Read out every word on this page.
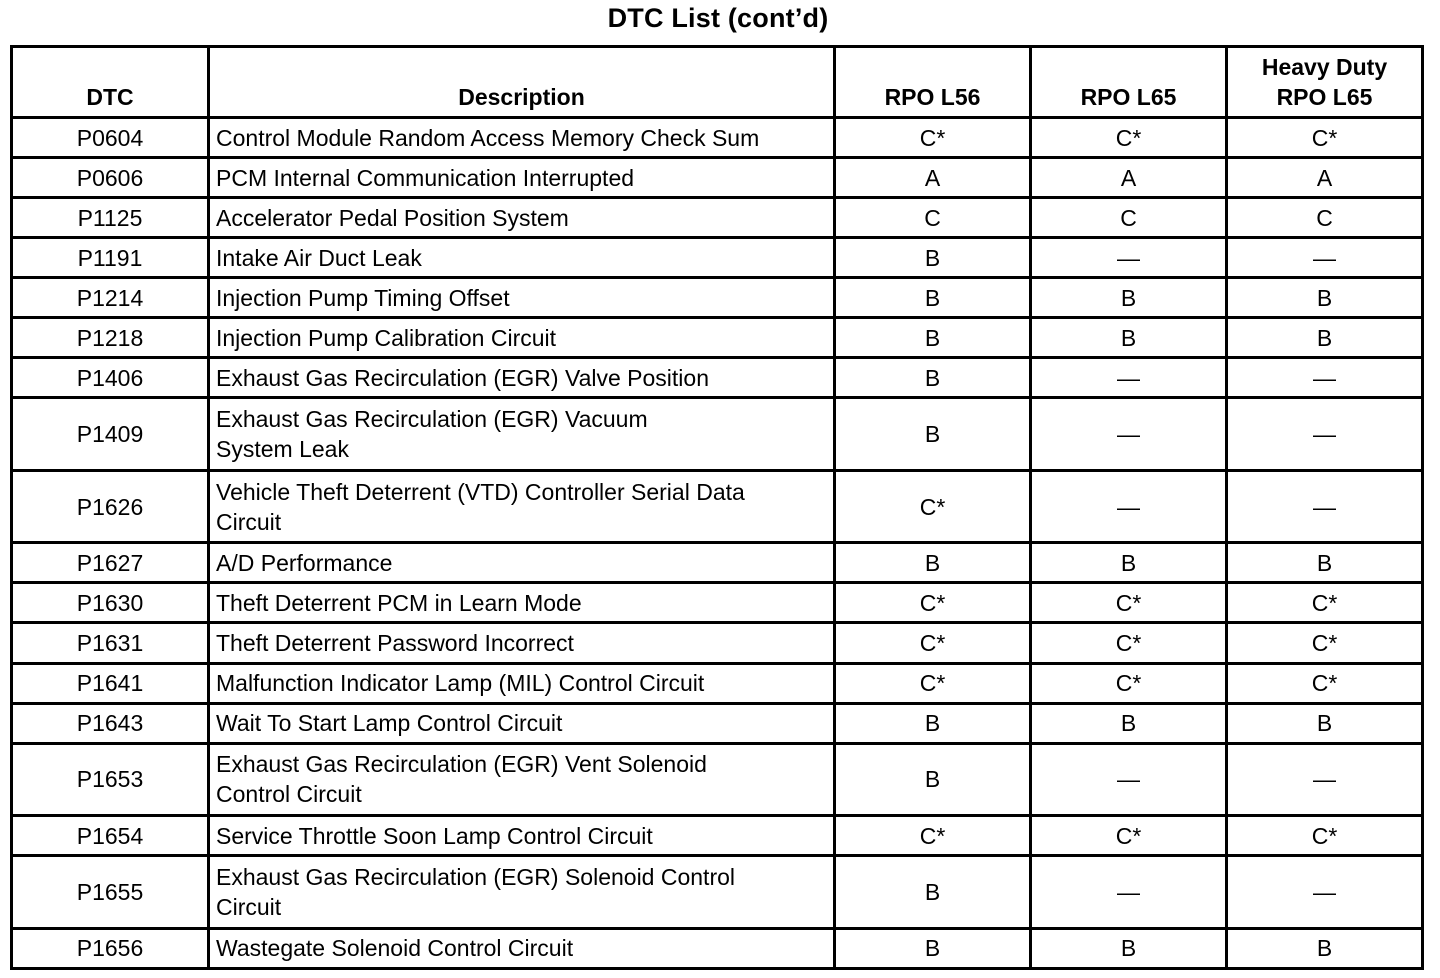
DTC List (cont’d)
DTC	Description	RPO L56	RPO L65	Heavy Duty
RPO L65

P0604	Control Module Random Access Memory Check Sum	C*	C*	C*
P0606	PCM Internal Communication Interrupted	A	A	A
P1125	Accelerator Pedal Position System	C	C	C
P1191	Intake Air Duct Leak	B	—	—
P1214	Injection Pump Timing Offset	B	B	B
P1218	Injection Pump Calibration Circuit	B	B	B
P1406	Exhaust Gas Recirculation (EGR) Valve Position	B	—	—
P1409	Exhaust Gas Recirculation (EGR) Vacuum
System Leak	B	—	—
P1626	Vehicle Theft Deterrent (VTD) Controller Serial Data
Circuit	C*	—	—
P1627	A/D Performance	B	B	B
P1630	Theft Deterrent PCM in Learn Mode	C*	C*	C*
P1631	Theft Deterrent Password Incorrect	C*	C*	C*
P1641	Malfunction Indicator Lamp (MIL) Control Circuit	C*	C*	C*
P1643	Wait To Start Lamp Control Circuit	B	B	B
P1653	Exhaust Gas Recirculation (EGR) Vent Solenoid
Control Circuit	B	—	—
P1654	Service Throttle Soon Lamp Control Circuit	C*	C*	C*
P1655	Exhaust Gas Recirculation (EGR) Solenoid Control
Circuit	B	—	—
P1656	Wastegate Solenoid Control Circuit	B	B	B
